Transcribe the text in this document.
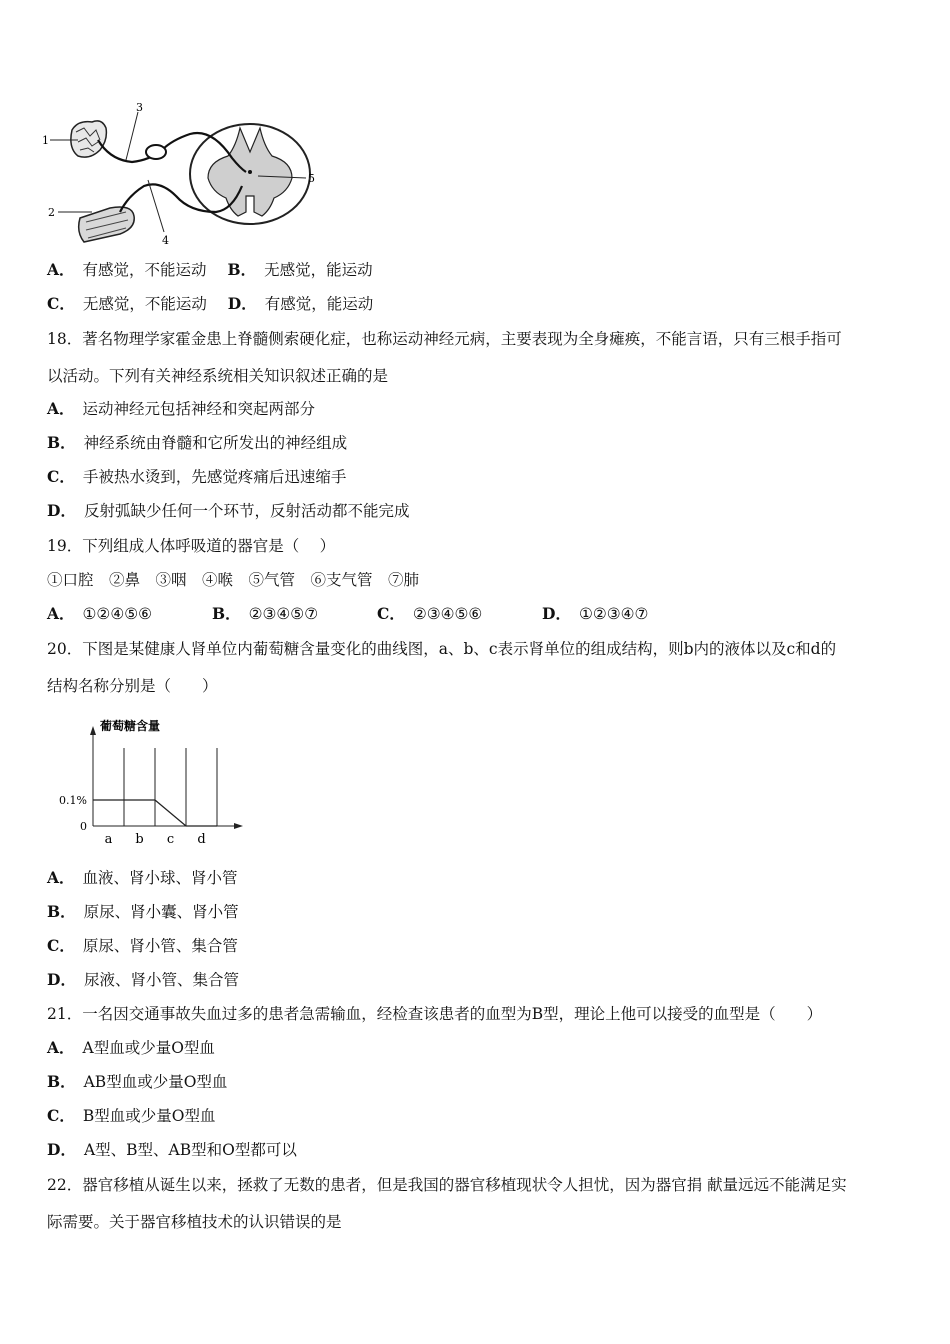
1
2
3
4
5
A． 有感觉，不能运动 B． 无感觉，能运动
C． 无感觉，不能运动 D． 有感觉，能运动
18．著名物理学家霍金患上脊髓侧索硬化症，也称运动神经元病，主要表现为全身瘫痪，不能言语，只有三根手指可
以活动。下列有关神经系统相关知识叙述正确的是
A． 运动神经元包括神经和突起两部分
B． 神经系统由脊髓和它所发出的神经组成
C． 手被热水烫到，先感觉疼痛后迅速缩手
D． 反射弧缺少任何一个环节，反射活动都不能完成
19．下列组成人体呼吸道的器官是（　 ）
①口腔　②鼻　③咽　④喉　⑤气管　⑥支气管　⑦肺
A． ①②④⑤⑥	B． ②③④⑤⑦	C． ②③④⑤⑥	D． ①②③④⑦
20．下图是某健康人肾单位内葡萄糖含量变化的曲线图，a、b、c表示肾单位的组成结构，则b内的液体以及c和d的
结构名称分别是（　　）
葡萄糖含量
a b c d
0
0.1%
A． 血液、肾小球、肾小管
B． 原尿、肾小囊、肾小管
C． 原尿、肾小管、集合管
D． 尿液、肾小管、集合管
21．一名因交通事故失血过多的患者急需输血，经检查该患者的血型为B型，理论上他可以接受的血型是（　　）
A． A型血或少量O型血
B． AB型血或少量O型血
C． B型血或少量O型血
D． A型、B型、AB型和O型都可以
22．器官移植从诞生以来，拯救了无数的患者，但是我国的器官移植现状令人担忧，因为器官捐 献量远远不能满足实
际需要。关于器官移植技术的认识错误的是
